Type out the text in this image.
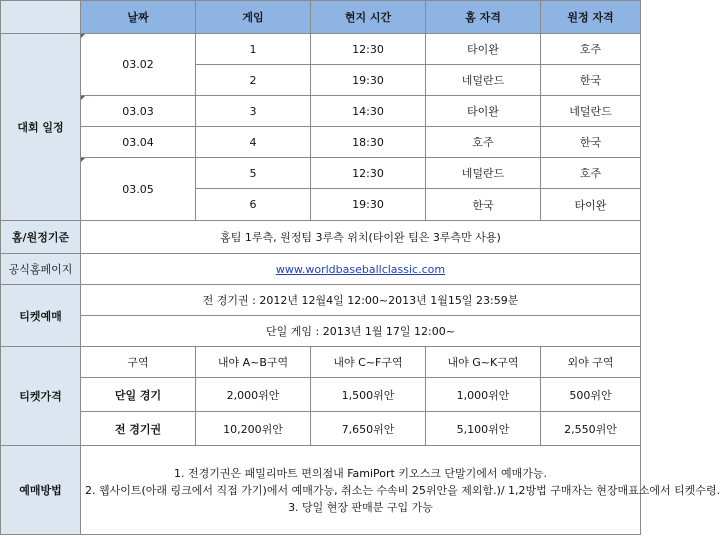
	날짜	게임	현지 시간	홈 자격	원정 자격
대회 일정	03.02	1	12:30	타이완	호주
		2	19:30	네덜란드	한국
	03.03	3	14:30	타이완	네덜란드
	03.04	4	18:30	호주	한국
	03.05	5	12:30	네덜란드	호주
		6	19:30	한국	타이완
홈/원정기준	홈팀 1루측, 원정팀 3루측 위치(타이완 팀은 3루측만 사용)				
공식홈페이지	www.worldbaseballclassic.com				
티켓예매	전 경기권 : 2012년 12월4일 12:00~2013년 1월15일 23:59분				
	단일 게임 : 2013년 1월 17일 12:00~				
티켓가격	구역	내야 A~B구역	내야 C~F구역	내야 G~K구역	외야 구역
	단일 경기	2,000위안	1,500위안	1,000위안	500위안
	전 경기권	10,200위안	7,650위안	5,100위안	2,550위안
예매방법	1. 전경기권은 패밀리마트 편의점내 FamiPort 키오스크 단말기에서 예매가능.
2. 웹사이트(아래 링크에서 직접 가기)에서 예매가능, 취소는 수속비 25위안을 제외함.)/ 1,2방법 구매자는 현장매표소에서 티켓수령.
3. 당일 현장 판매분 구입 가능				
